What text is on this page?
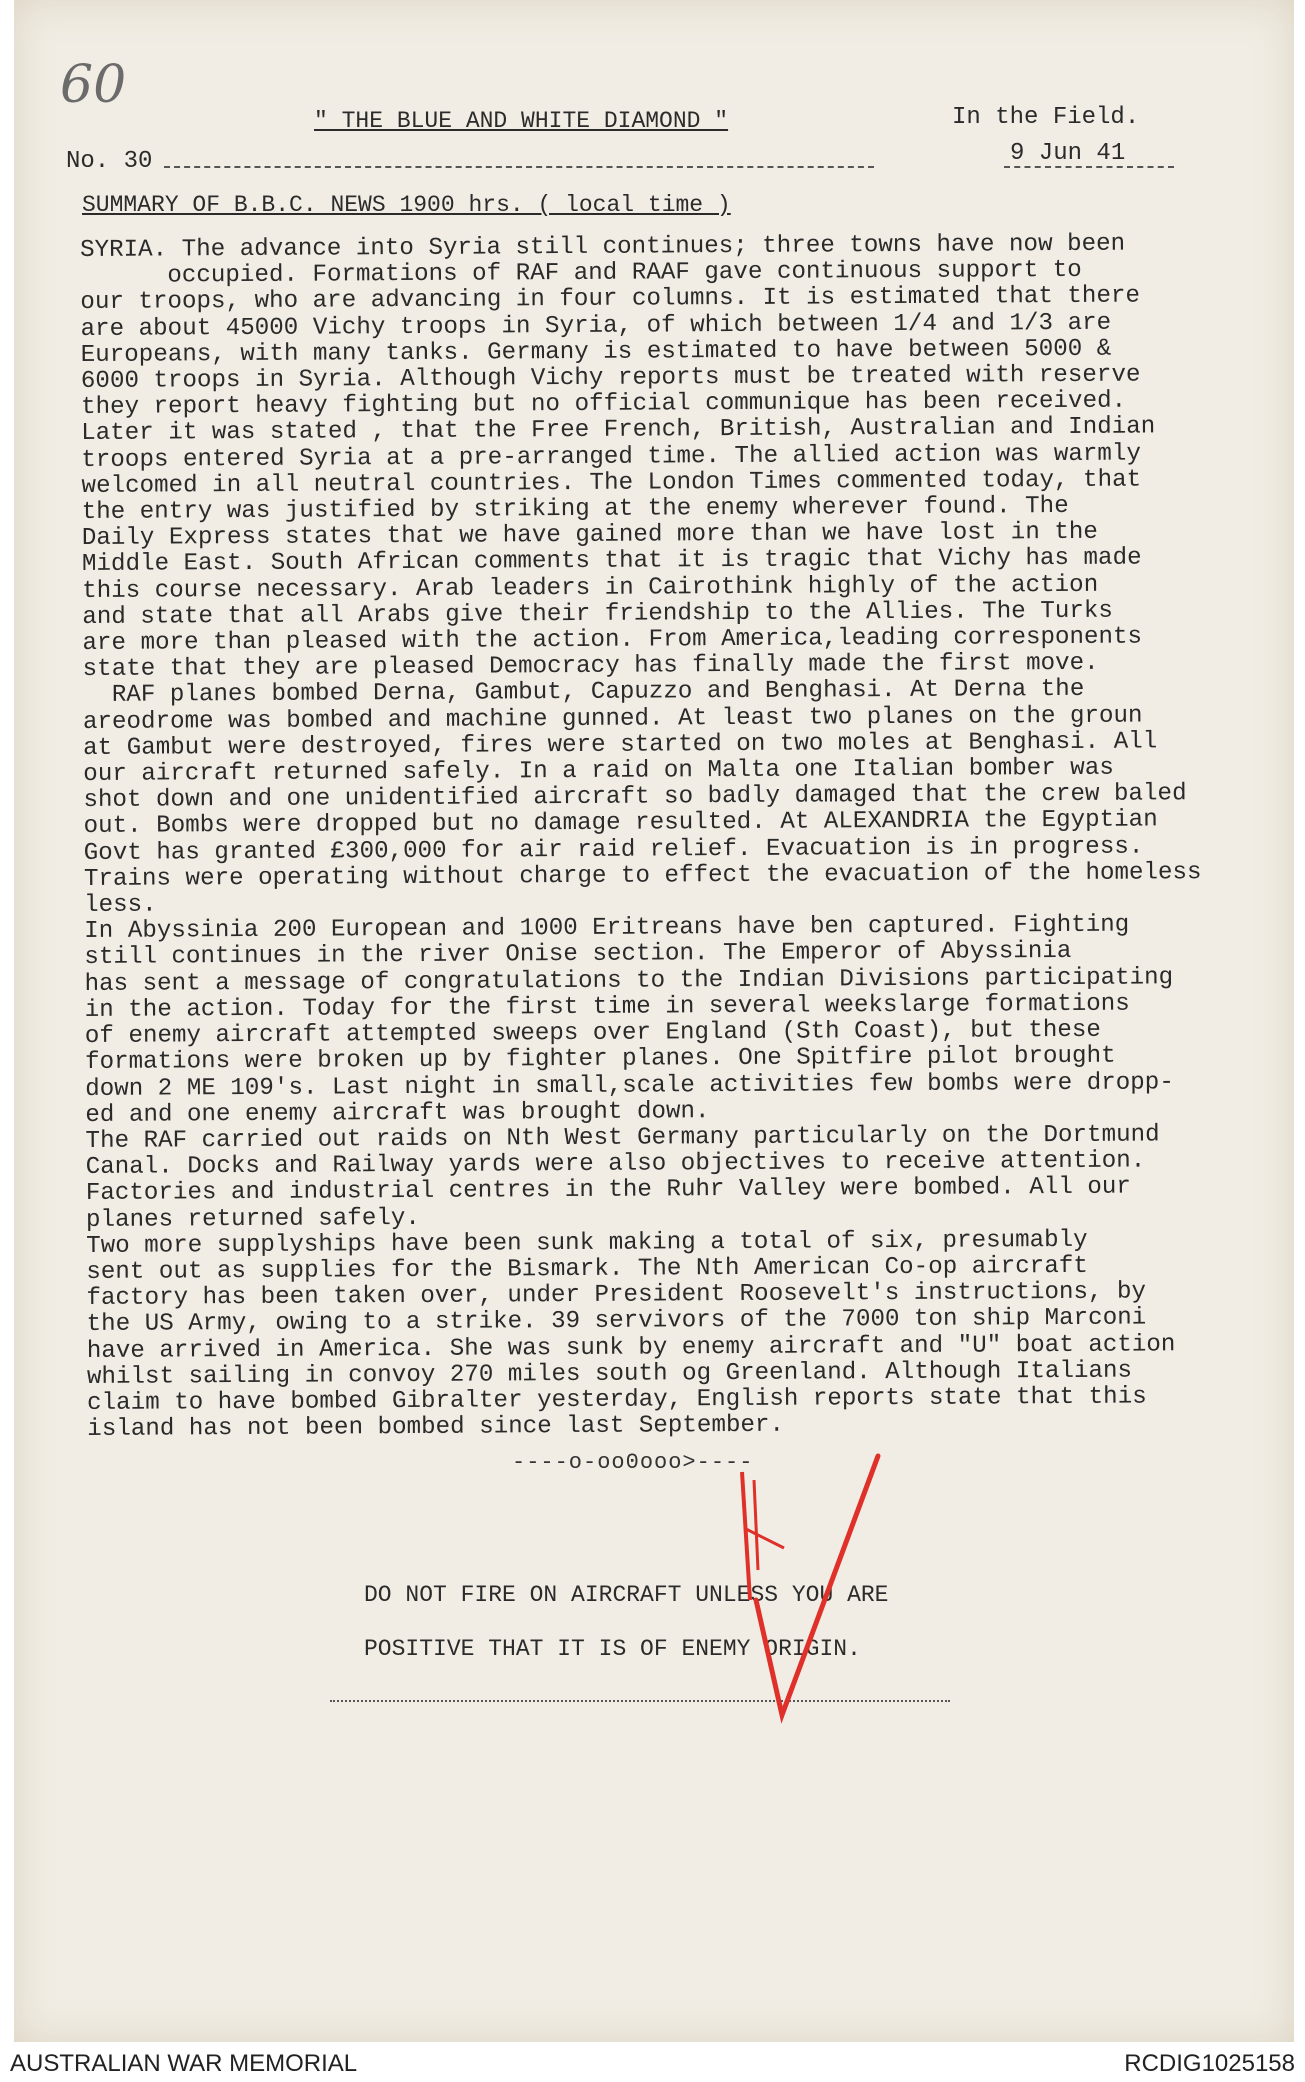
60
" THE BLUE AND WHITE DIAMOND "	In the Field.
No. 30	9 Jun 41
SUMMARY OF B.B.C. NEWS 1900 hrs. ( local time )

SYRIA. The advance into Syria still continues; three towns have now been

occupied. Formations of RAF and RAAF gave continuous support to

our troops, who are advancing in four columns. It is estimated that there

are about 45000 Vichy troops in Syria, of which between 1/4 and 1/3 are

Europeans, with many tanks. Germany is estimated to have between 5000 &

6000 troops in Syria. Although Vichy reports must be treated with reserve

they report heavy fighting but no official communique has been received.

Later it was stated , that the Free French, British, Australian and Indian

troops entered Syria at a pre-arranged time. The allied action was warmly

welcomed in all neutral countries. The London Times commented today, that

the entry was justified by striking at the enemy wherever found. The

Daily Express states that we have gained more than we have lost in the

Middle East. South African comments that it is tragic that Vichy has made

this course necessary. Arab leaders in Cairothink highly of the action

and state that all Arabs give their friendship to the Allies. The Turks

are more than pleased with the action. From America,leading corresponents

state that they are pleased Democracy has finally made the first move.

RAF planes bombed Derna, Gambut, Capuzzo and Benghasi. At Derna the

areodrome was bombed and machine gunned. At least two planes on the groun

at Gambut were destroyed, fires were started on two moles at Benghasi. All

our aircraft returned safely. In a raid on Malta one Italian bomber was

shot down and one unidentified aircraft so badly damaged that the crew baled

out. Bombs were dropped but no damage resulted. At ALEXANDRIA the Egyptian

Govt has granted £300,000 for air raid relief. Evacuation is in progress.

Trains were operating without charge to effect the evacuation of the homeless

less.

In Abyssinia 200 European and 1000 Eritreans have ben captured. Fighting

still continues in the river Onise section. The Emperor of Abyssinia

has sent a message of congratulations to the Indian Divisions participating

in the action. Today for the first time in several weekslarge formations

of enemy aircraft attempted sweeps over England (Sth Coast), but these

formations were broken up by fighter planes. One Spitfire pilot brought

down 2 ME 109's. Last night in small,scale activities few bombs were dropp-

ed and one enemy aircraft was brought down.

The RAF carried out raids on Nth West Germany particularly on the Dortmund

Canal. Docks and Railway yards were also objectives to receive attention.

Factories and industrial centres in the Ruhr Valley were bombed. All our

planes returned safely.

Two more supplyships have been sunk making a total of six, presumably

sent out as supplies for the Bismark. The Nth American Co-op aircraft

factory has been taken over, under President Roosevelt's instructions, by

the US Army, owing to a strike. 39 servivors of the 7000 ton ship Marconi

have arrived in America. She was sunk by enemy aircraft and "U" boat action

whilst sailing in convoy 270 miles south og Greenland. Although Italians

claim to have bombed Gibralter yesterday, English reports state that this

island has not been bombed since last September.

----o-oo0ooo>----
DO NOT FIRE ON AIRCRAFT UNLESS YOU ARE
POSITIVE THAT IT IS OF ENEMY ORIGIN.
AUSTRALIAN WAR MEMORIAL	RCDIG1025158
